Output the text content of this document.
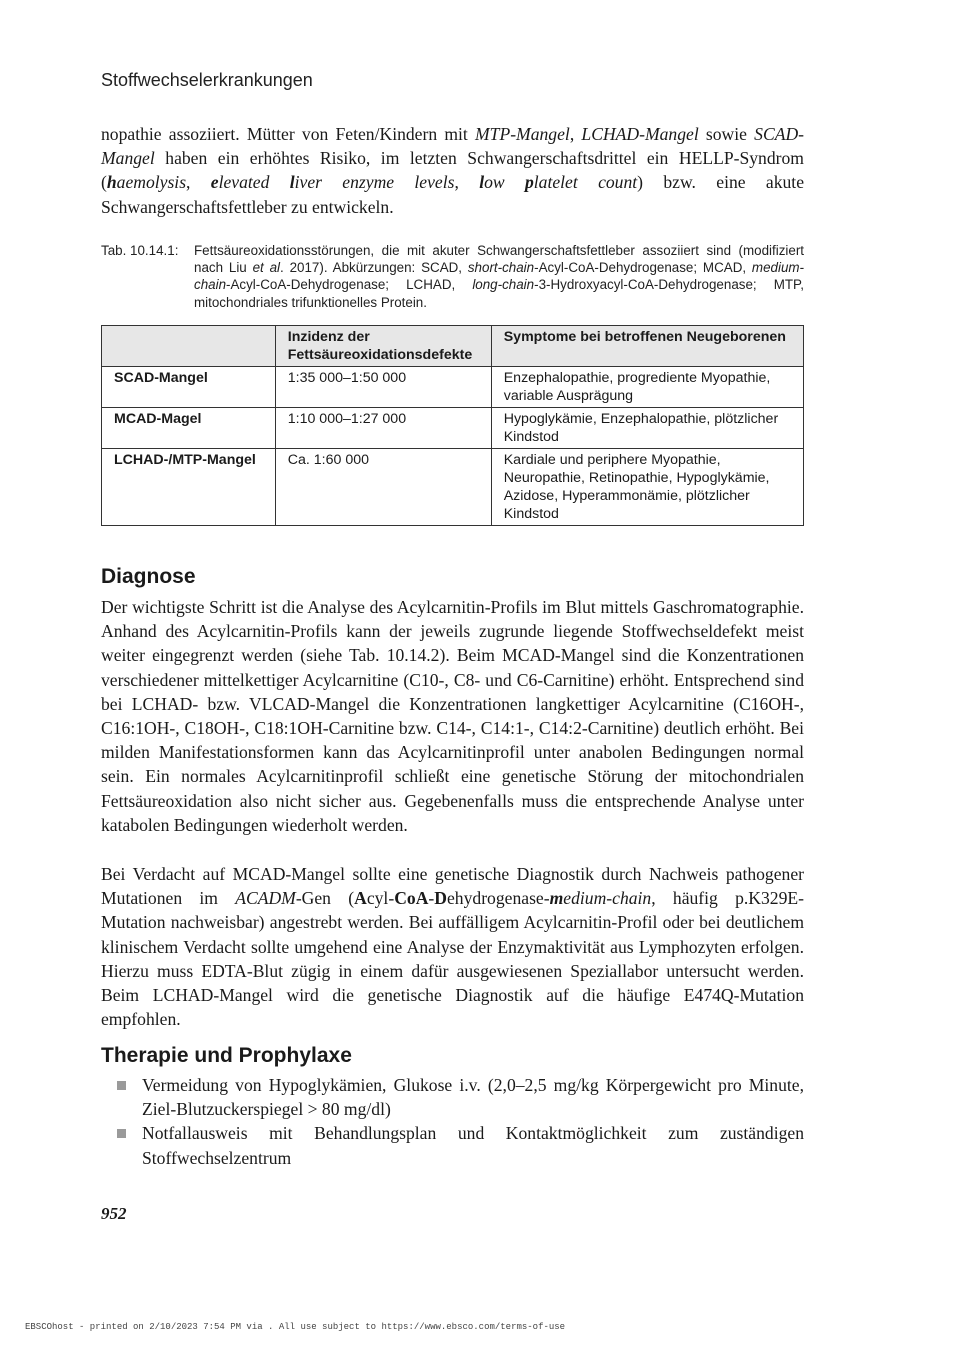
Stoffwechselerkrankungen

nopathie assoziiert. Mütter von Feten/Kindern mit MTP-Mangel, LCHAD-Mangel sowie SCAD-Mangel haben ein erhöhtes Risiko, im letzten Schwangerschaftsdrittel ein HELLP-Syndrom (haemolysis, elevated liver enzyme levels, low platelet count) bzw. eine akute Schwangerschaftsfettleber zu entwickeln.

Tab. 10.14.1: Fettsäureoxidationsstörungen, die mit akuter Schwangerschaftsfettleber assoziiert sind (modifiziert nach Liu et al. 2017). Abkürzungen: SCAD, short-chain-Acyl-CoA-Dehydrogenase; MCAD, medium-chain-Acyl-CoA-Dehydrogenase; LCHAD, long-chain-3-Hydroxyacyl-CoA-Dehydrogenase; MTP, mitochondriales trifunktionelles Protein.
	Inzidenz der Fettsäureoxidationsdefekte	Symptome bei betroffenen Neugeborenen
SCAD-Mangel	1:35 000–1:50 000	Enzephalopathie, progrediente Myopathie, variable Ausprägung
MCAD-Magel	1:10 000–1:27 000	Hypoglykämie, Enzephalopathie, plötzlicher Kindstod
LCHAD-/MTP-Mangel	Ca. 1:60 000	Kardiale und periphere Myopathie, Neuropathie, Retinopathie, Hypoglykämie, Azidose, Hyperammonämie, plötzlicher Kindstod
Diagnose

Der wichtigste Schritt ist die Analyse des Acylcarnitin-Profils im Blut mittels Gaschromatographie. Anhand des Acylcarnitin-Profils kann der jeweils zugrunde liegende Stoffwechseldefekt meist weiter eingegrenzt werden (siehe Tab. 10.14.2). Beim MCAD-Mangel sind die Konzentrationen verschiedener mittelkettiger Acylcarnitine (C10-, C8- und C6-Carnitine) erhöht. Entsprechend sind bei LCHAD- bzw. VLCAD-Mangel die Konzentrationen langkettiger Acylcarnitine (C16OH-, C16:1OH-, C18OH-, C18:1OH-Carnitine bzw. C14-, C14:1-, C14:2-Carnitine) deutlich erhöht. Bei milden Manifestationsformen kann das Acylcarnitinprofil unter anabolen Bedingungen normal sein. Ein normales Acylcarnitinprofil schließt eine genetische Störung der mitochondrialen Fettsäureoxidation also nicht sicher aus. Gegebenenfalls muss die entsprechende Analyse unter katabolen Bedingungen wiederholt werden.

Bei Verdacht auf MCAD-Mangel sollte eine genetische Diagnostik durch Nachweis pathogener Mutationen im ACADM-Gen (Acyl-CoA-Dehydrogenase-medium-chain, häufig p.K329E-Mutation nachweisbar) angestrebt werden. Bei auffälligem Acylcarnitin-Profil oder bei deutlichem klinischem Verdacht sollte umgehend eine Analyse der Enzymaktivität aus Lymphozyten erfolgen. Hierzu muss EDTA-Blut zügig in einem dafür ausgewiesenen Speziallabor untersucht werden. Beim LCHAD-Mangel wird die genetische Diagnostik auf die häufige E474Q-Mutation empfohlen.

Therapie und Prophylaxe
Vermeidung von Hypoglykämien, Glukose i.v. (2,0–2,5 mg/kg Körpergewicht pro Minute, Ziel-Blutzuckerspiegel > 80 mg/dl)
Notfallausweis mit Behandlungsplan und Kontaktmöglichkeit zum zuständigen Stoffwechselzentrum
952
EBSCOhost - printed on 2/10/2023 7:54 PM via . All use subject to https://www.ebsco.com/terms-of-use
